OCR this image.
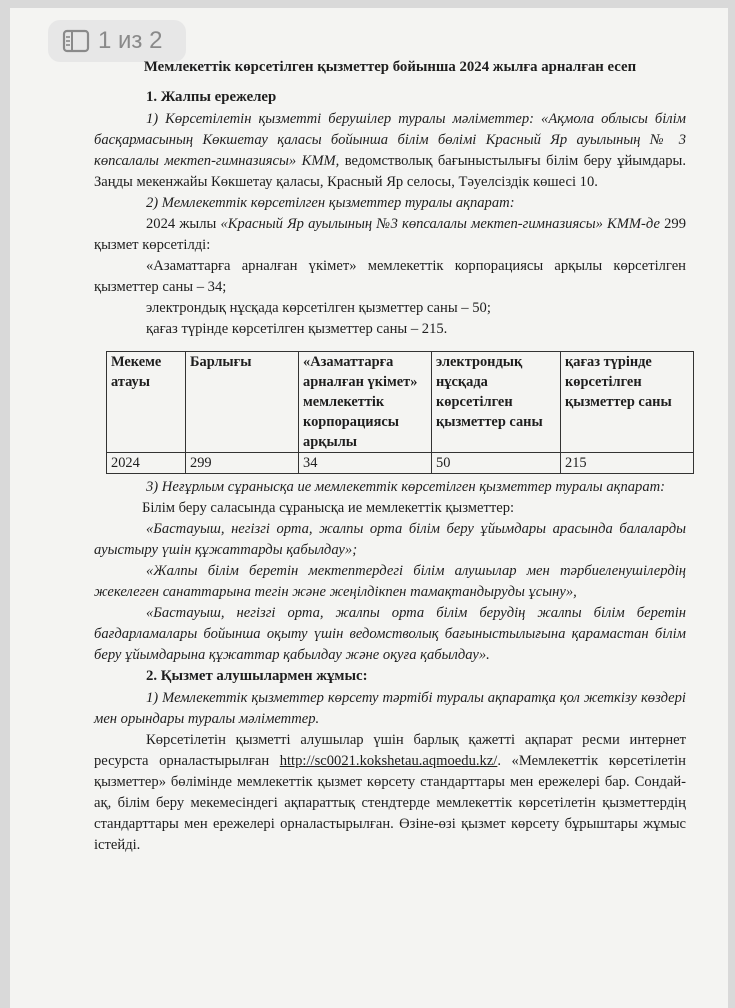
1 из 2

Мемлекеттік көрсетілген қызметтер бойынша 2024 жылға арналған есеп

1. Жалпы ережелер

1) Көрсетілетін қызметті берушілер туралы мәліметтер: «Ақмола облысы білім басқармасының Көкшетау қаласы бойынша білім бөлімі Красный Яр ауылының № 3 көпсалалы мектеп-гимназиясы» КММ, ведомстволық бағыныстылығы білім беру ұйымдары. Заңды мекенжайы Көкшетау қаласы, Красный Яр селосы, Тәуелсіздік көшесі 10.

2) Мемлекеттік көрсетілген қызметтер туралы ақпарат:

2024 жылы «Красный Яр ауылының №3 көпсалалы мектеп-гимназиясы» КММ-де 299 қызмет көрсетілді:

«Азаматтарға арналған үкімет» мемлекеттік корпорациясы арқылы көрсетілген қызметтер саны – 34;

электрондық нұсқада көрсетілген қызметтер саны – 50;

қағаз түрінде көрсетілген қызметтер саны – 215.

Мекеме атауы	Барлығы	«Азаматтарға арналған үкімет» мемлекеттік корпорациясы арқылы	электрондық нұсқада көрсетілген қызметтер саны	қағаз түрінде көрсетілген қызметтер саны
2024	299	34	50	215

3) Неғұрлым сұранысқа ие мемлекеттік көрсетілген қызметтер туралы ақпарат:

Білім беру саласында сұранысқа ие мемлекеттік қызметтер:

«Бастауыш, негізгі орта, жалпы орта білім беру ұйымдары арасында балаларды ауыстыру үшін құжаттарды қабылдау»;

«Жалпы білім беретін мектептердегі білім алушылар мен тәрбиеленушілердің жекелеген санаттарына тегін және жеңілдікпен тамақтандыруды ұсыну»,

«Бастауыш, негізгі орта, жалпы орта білім берудің жалпы білім беретін бағдарламалары бойынша оқыту үшін ведомстволық бағыныстылығына қарамастан білім беру ұйымдарына құжаттар қабылдау және оқуға қабылдау».

2. Қызмет алушылармен жұмыс:

1) Мемлекеттік қызметтер көрсету тәртібі туралы ақпаратқа қол жеткізу көздері мен орындары туралы мәліметтер.

Көрсетілетін қызметті алушылар үшін барлық қажетті ақпарат ресми интернет ресурста орналастырылған http://sc0021.kokshetau.aqmoedu.kz/. «Мемлекеттік көрсетілетін қызметтер» бөлімінде мемлекеттік қызмет көрсету стандарттары мен ережелері бар. Сондай-ақ, білім беру мекемесіндегі ақпараттық стендтерде мемлекеттік көрсетілетін қызметтердің стандарттары мен ережелері орналастырылған. Өзіне-өзі қызмет көрсету бұрыштары жұмыс істейді.
